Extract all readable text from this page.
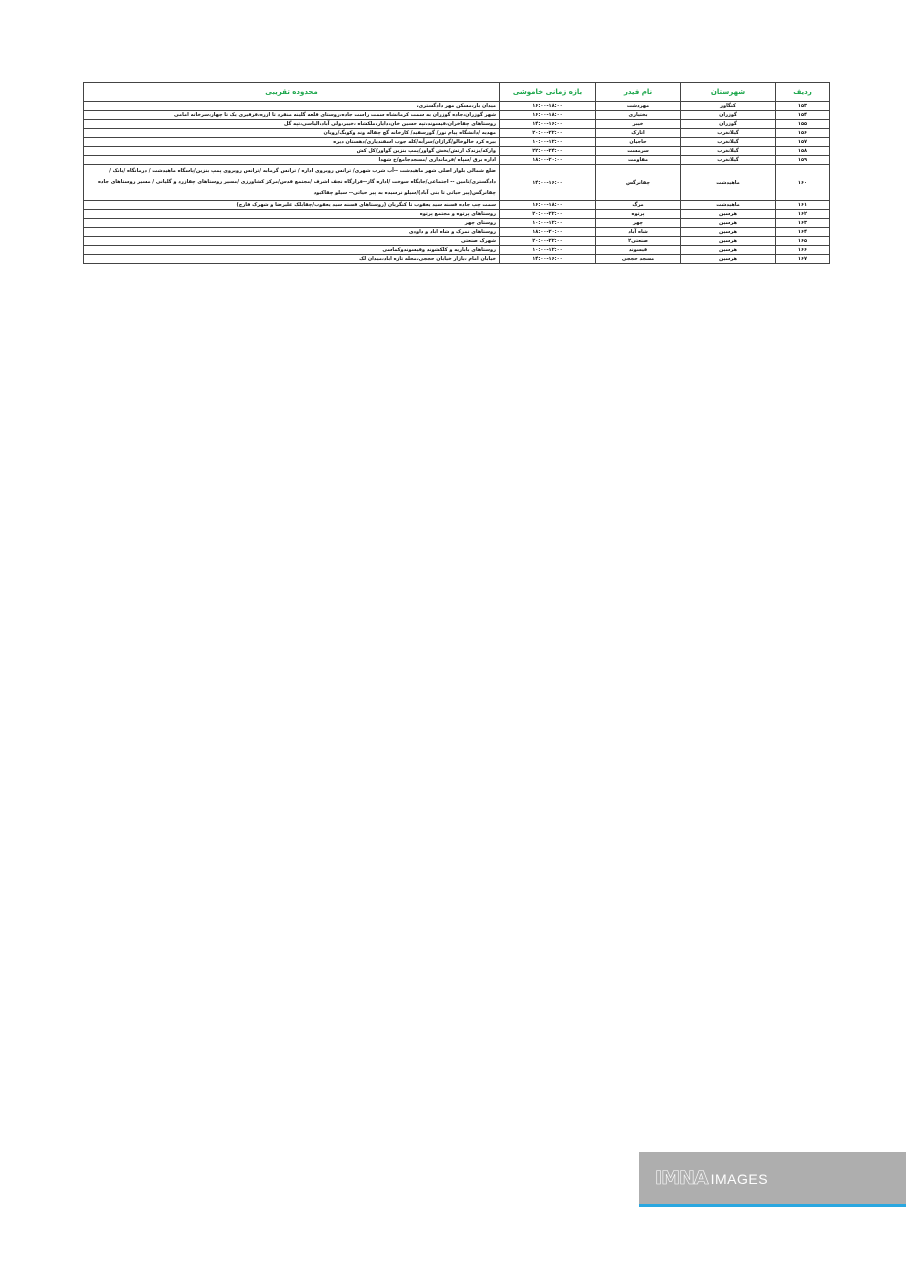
ردیف	شهرستان	نام فیدر	بازه زمانی خاموشی	محدوده تقریبی
۱۵۳	کنگاور	مهردشت	۱۶:۰۰-۱۸:۰۰	میدان بار،مسکن مهر دادگستری،
۱۵۴	گوزران	بختیاری	۱۶:۰۰-۱۸:۰۰	شهر گوزران،جاده گوزران به سمت کرمانشاه سمت راست جاده،روستای قلعه گلینه منفرد تا ازره،فرقیری یک تا چهار،سرخانه امامی
۱۵۵	گوزران	خیبر	۱۴:۰۰-۱۶:۰۰	روستاهای چقاخران،قیسوند،تپه حسین خان،دایار،ملکشاه ،خیبر،ولی آباد،الیاسی،تپه گل
۱۵۶	گیلانغرب	اتارک	۲۰:۰۰-۲۲:۰۰	مهدیه /دانشگاه پیام نور/ گورسفید/ کارخانه گچ چقاله وند وکوبگ/رویان
۱۵۷	گیلانغرب	حاجیان	۱۰:۰۰-۱۲:۰۰	بیره کرد خالوخالو/گراژان/سرآبه/کله جوب اسفندیاری/دهستان دیره
۱۵۸	گیلانغرب	سرمست	۲۲:۰۰-۲۴:۰۰	وارکه/بزندک ارتش/بخش گواور/پمپ بنزین گواور/کل کش
۱۵۹	گیلانغرب	مقاومت	۱۸:۰۰-۲۰:۰۰	اداره برق /سپاه /فرمانداری /مسجدجامع/خ شهدا
۱۶۰	ماهیدشت	چقانرگس	۱۴:۰۰-۱۶:۰۰	ضلع شمالی بلوار اصلی شهر ماهیدشت --آب شرب شهری/ ترانس روبروی اداره / ترانس گرمابه /ترانس روبروی پمپ بنزین/پاسگاه ماهیدشت / درمانگاه /بانک /دادگستری/تامین -- اجتماعی/جایگاه سوخت /اداره گاز--قرارگاه نجف اشرف /مجتمع قدس/مرکز کشاورزی /مسیر روستاهای چقازرد و گلیانی / مسیر روستاهای جاده چقانرگس(پیر حیاتی تا بنی آباد)/سیلو نرسیده به پیر حیاتی-- سیلو چقاکبود
۱۶۱	ماهیدشت	مرگ	۱۶:۰۰-۱۸:۰۰	سمت چپ جاده قسنه سید یعقوب تا کنگربان (روستاهای قسنه سید یعقوب/چقابلک علیرضا و شهرک فارج)
۱۶۲	هرسین	پرتوه	۲۰:۰۰-۲۲:۰۰	روستاهای پرتوه و مجتمع پرتوه
۱۶۳	هرسین	چهر	۱۰:۰۰-۱۲:۰۰	روستای چهر
۱۶۴	هرسین	شاه آباد	۱۸:۰۰-۲۰:۰۰	روستاهای نمرک و شاه اباد و داودی
۱۶۵	هرسین	صنعتی۲	۲۰:۰۰-۲۲:۰۰	شهرک صنعتی
۱۶۶	هرسین	قیسوند	۱۰:۰۰-۱۲:۰۰	روستاهای باباریه و کلکشوند وقیسوندوکماسی
۱۶۷	هرسین	مسجد حججی	۱۴:۰۰-۱۶:۰۰	خیابان امام ،بازار خیابان حججی،محله تازه اباد،میدان لک
IMNA IMAGES
